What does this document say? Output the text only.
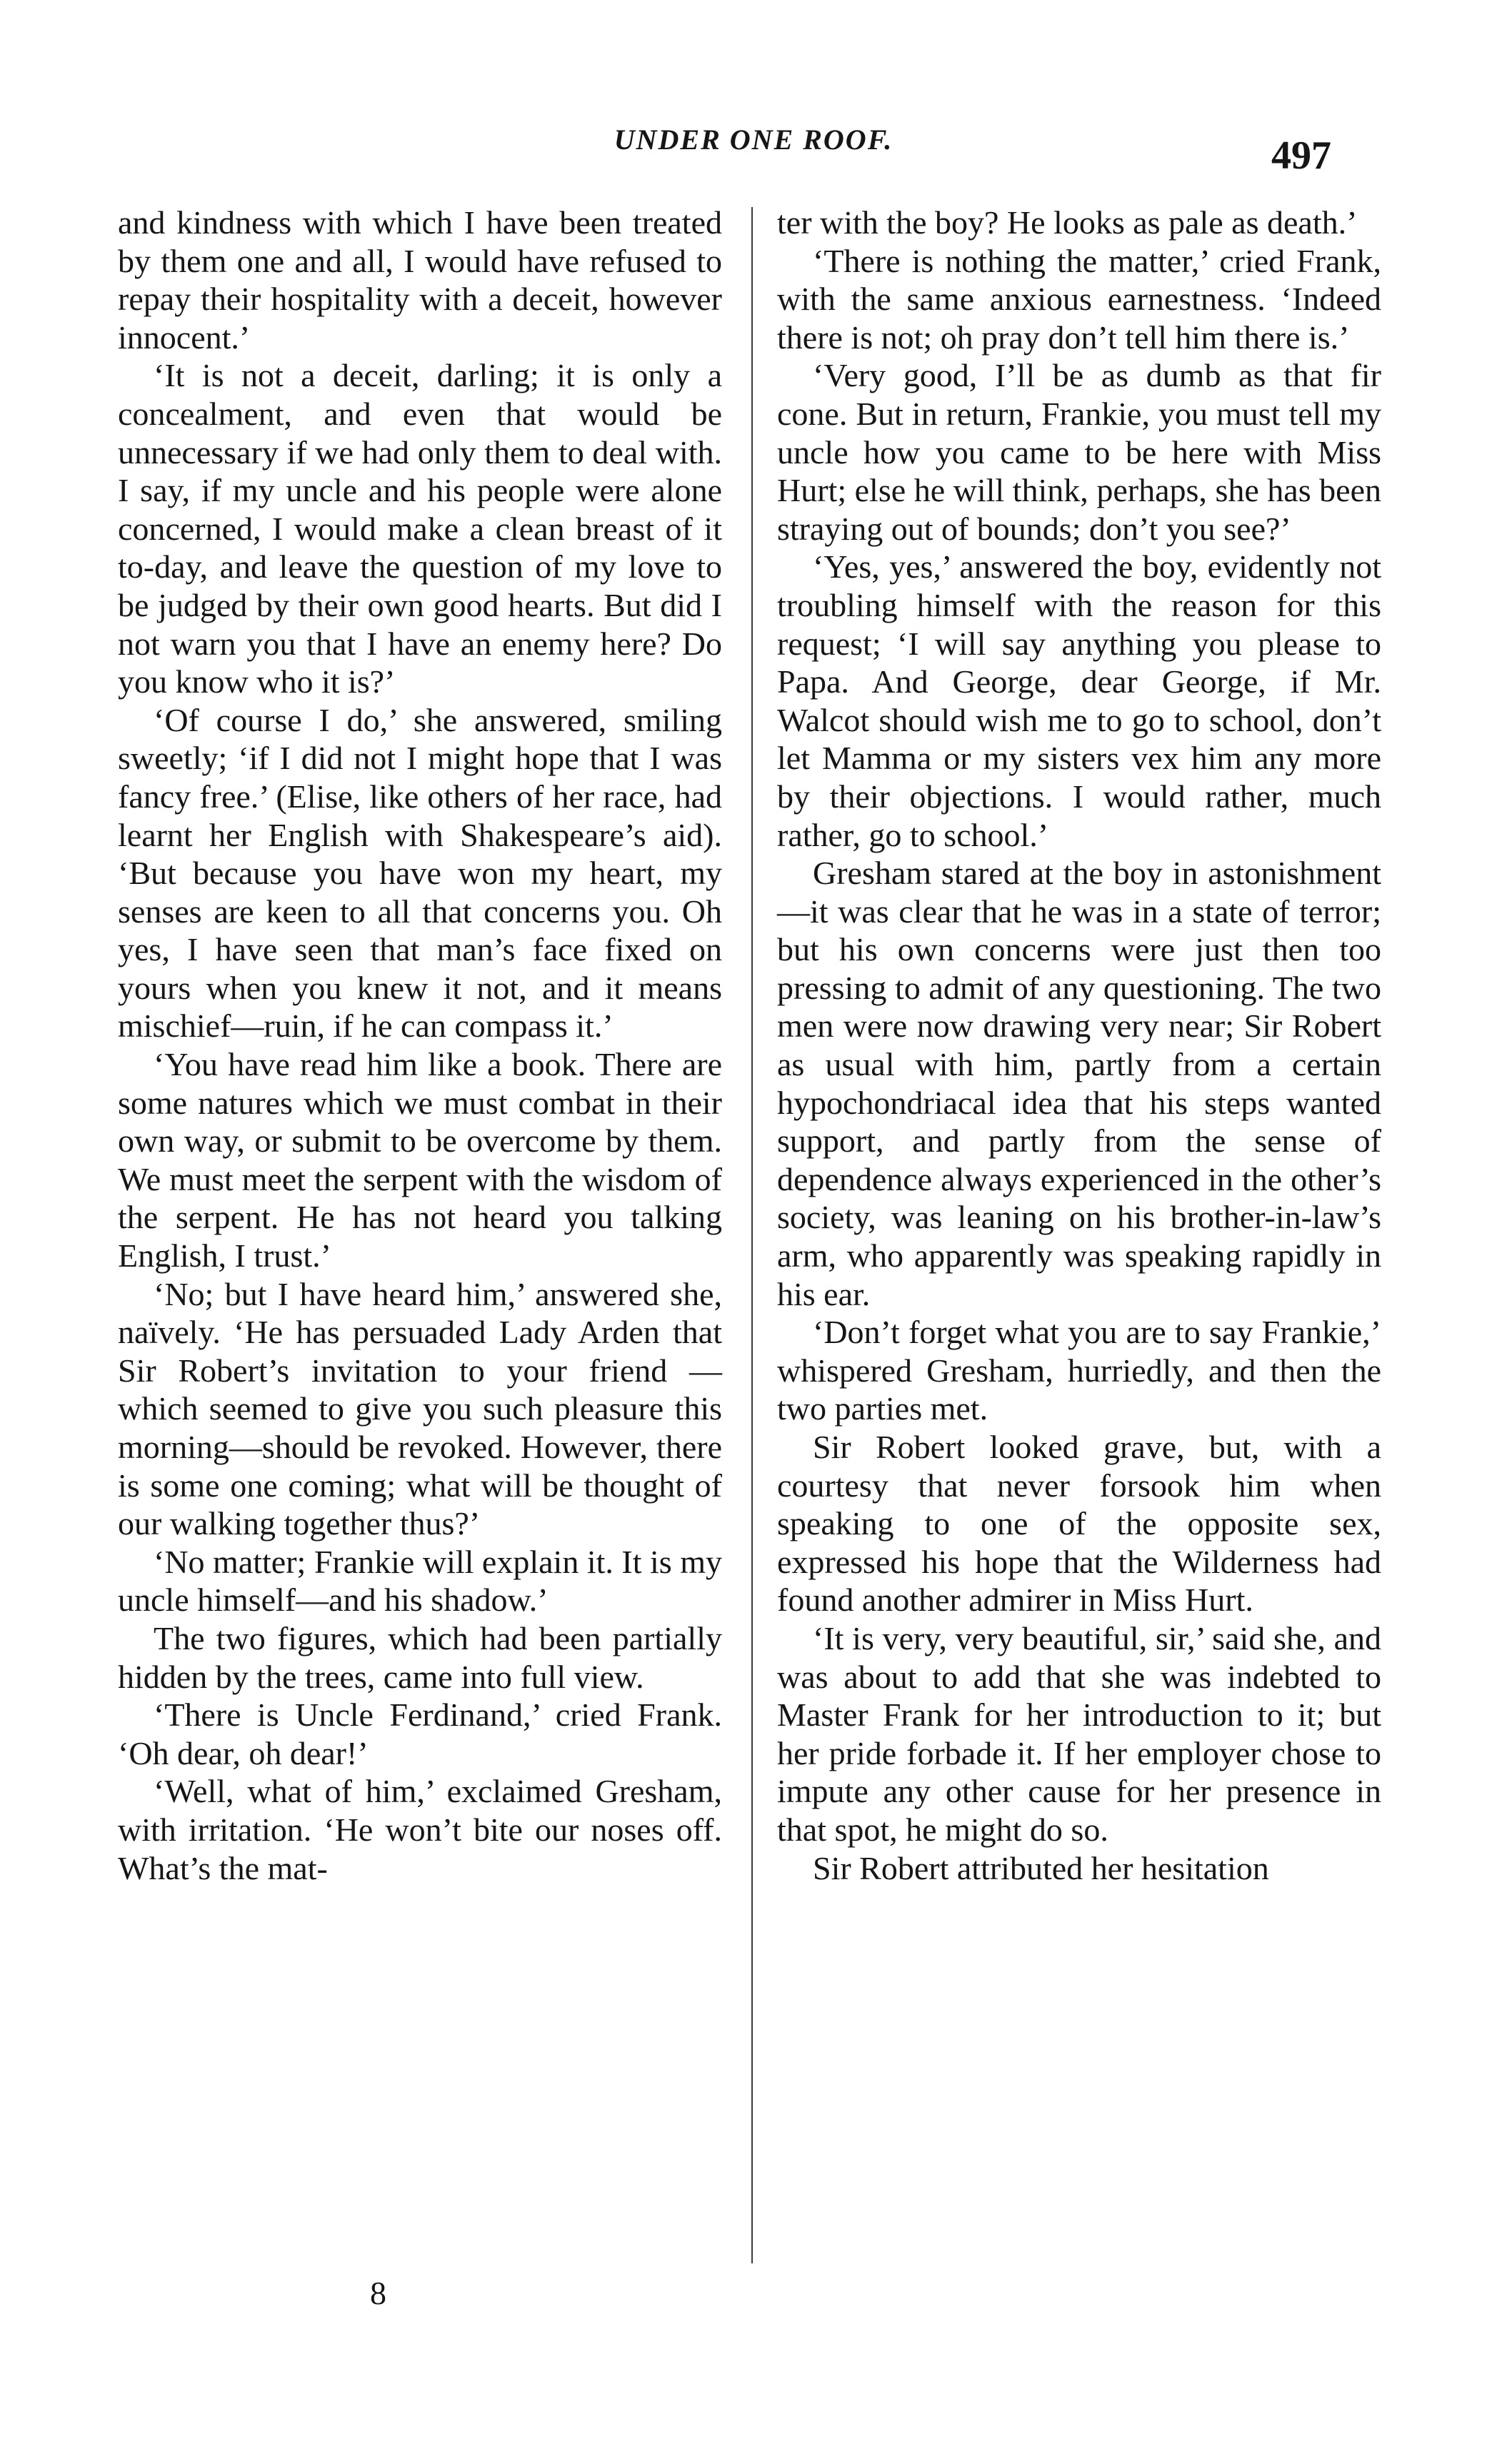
UNDER ONE ROOF.	497

and kindness with which I have been treated by them one and all, I would have refused to repay their hospitality with a deceit, however innocent.’

‘It is not a deceit, darling; it is only a concealment, and even that would be unnecessary if we had only them to deal with. I say, if my uncle and his people were alone concerned, I would make a clean breast of it to-day, and leave the question of my love to be judged by their own good hearts. But did I not warn you that I have an enemy here? Do you know who it is?’

‘Of course I do,’ she answered, smiling sweetly; ‘if I did not I might hope that I was fancy free.’ (Elise, like others of her race, had learnt her English with Shakespeare’s aid). ‘But because you have won my heart, my senses are keen to all that concerns you. Oh yes, I have seen that man’s face fixed on yours when you knew it not, and it means mischief—ruin, if he can compass it.’

‘You have read him like a book. There are some natures which we must combat in their own way, or submit to be overcome by them. We must meet the serpent with the wisdom of the serpent. He has not heard you talking English, I trust.’

‘No; but I have heard him,’ answered she, naïvely. ‘He has persuaded Lady Arden that Sir Robert’s invitation to your friend — which seemed to give you such pleasure this morning—should be revoked. However, there is some one coming; what will be thought of our walking together thus?’

‘No matter; Frankie will explain it. It is my uncle himself—and his shadow.’

The two figures, which had been partially hidden by the trees, came into full view.

‘There is Uncle Ferdinand,’ cried Frank. ‘Oh dear, oh dear!’

‘Well, what of him,’ exclaimed Gresham, with irritation. ‘He won’t bite our noses off. What’s the mat-

ter with the boy? He looks as pale as death.’

‘There is nothing the matter,’ cried Frank, with the same anxious earnestness. ‘Indeed there is not; oh pray don’t tell him there is.’

‘Very good, I’ll be as dumb as that fir cone. But in return, Frankie, you must tell my uncle how you came to be here with Miss Hurt; else he will think, perhaps, she has been straying out of bounds; don’t you see?’

‘Yes, yes,’ answered the boy, evidently not troubling himself with the reason for this request; ‘I will say anything you please to Papa. And George, dear George, if Mr. Walcot should wish me to go to school, don’t let Mamma or my sisters vex him any more by their objections. I would rather, much rather, go to school.’

Gresham stared at the boy in astonishment—it was clear that he was in a state of terror; but his own concerns were just then too pressing to admit of any questioning. The two men were now drawing very near; Sir Robert as usual with him, partly from a certain hypochondriacal idea that his steps wanted support, and partly from the sense of dependence always experienced in the other’s society, was leaning on his brother-in-law’s arm, who apparently was speaking rapidly in his ear.

‘Don’t forget what you are to say Frankie,’ whispered Gresham, hurriedly, and then the two parties met.

Sir Robert looked grave, but, with a courtesy that never forsook him when speaking to one of the opposite sex, expressed his hope that the Wilderness had found another admirer in Miss Hurt.

‘It is very, very beautiful, sir,’ said she, and was about to add that she was indebted to Master Frank for her introduction to it; but her pride forbade it. If her employer chose to impute any other cause for her presence in that spot, he might do so.

Sir Robert attributed her hesitation

8
